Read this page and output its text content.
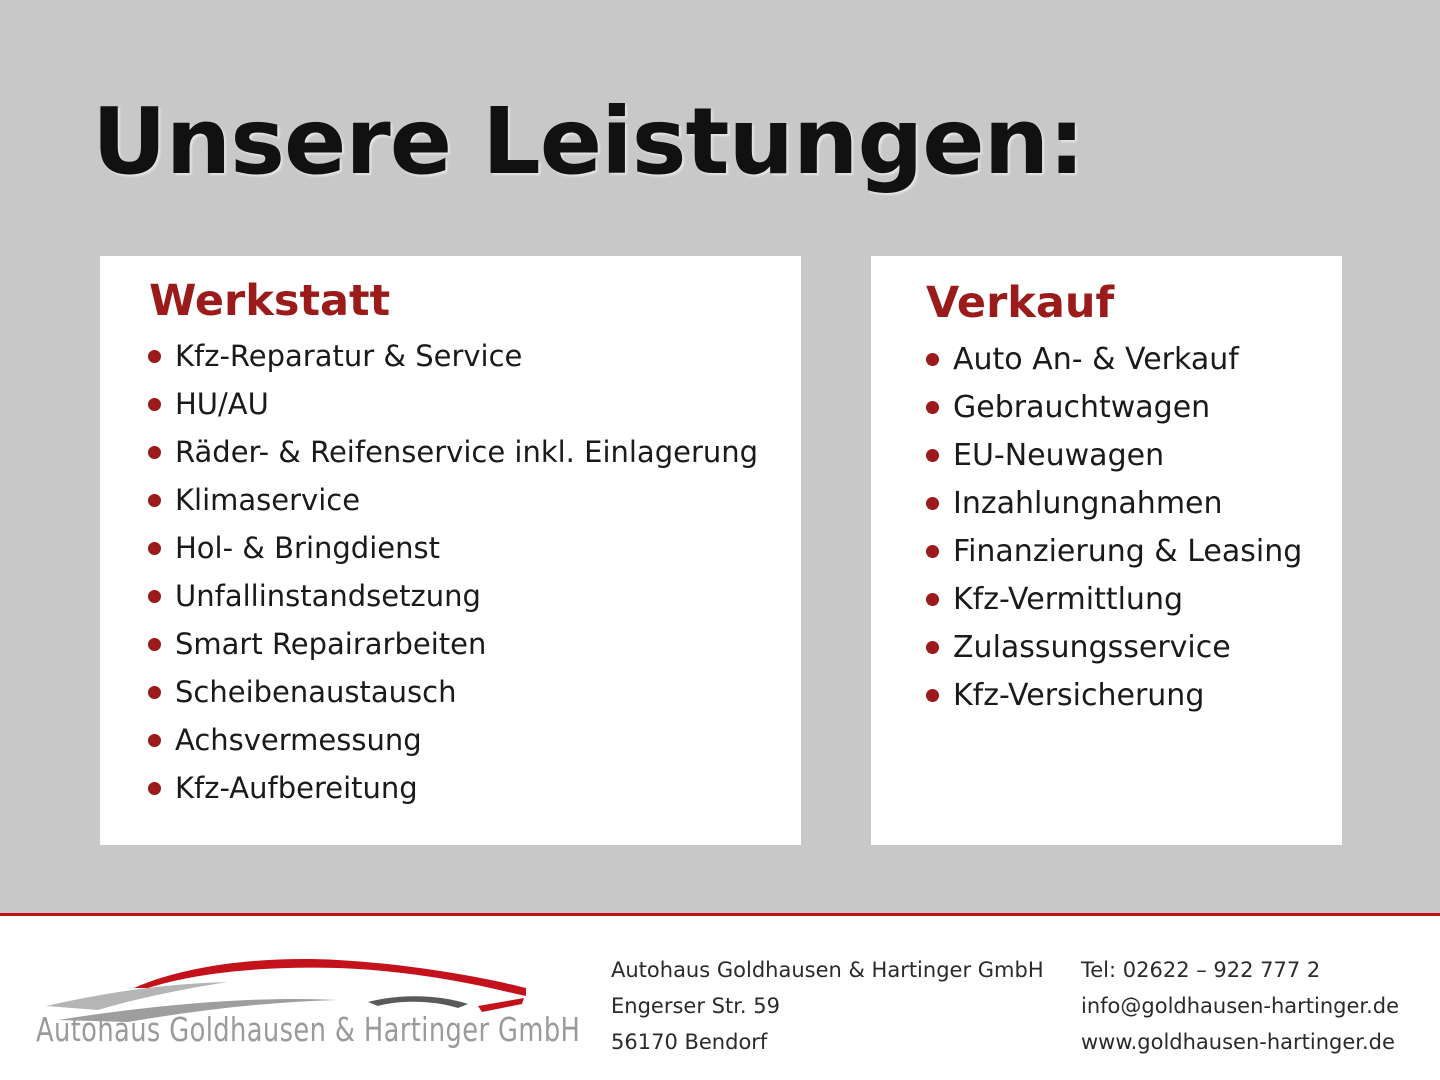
Unsere Leistungen:
Werkstatt
Kfz-Reparatur & Service
HU/AU
Räder- & Reifenservice inkl. Einlagerung
Klimaservice
Hol- & Bringdienst
Unfallinstandsetzung
Smart Repairarbeiten
Scheibenaustausch
Achsvermessung
Kfz-Aufbereitung
Verkauf
Auto An- & Verkauf
Gebrauchtwagen
EU-Neuwagen
Inzahlungnahmen
Finanzierung & Leasing
Kfz-Vermittlung
Zulassungsservice
Kfz-Versicherung
Autohaus Goldhausen & Hartinger GmbH
Autohaus Goldhausen & Hartinger GmbH
Engerser Str. 59
56170 Bendorf
Tel: 02622 – 922 777 2
info@goldhausen-hartinger.de
www.goldhausen-hartinger.de
